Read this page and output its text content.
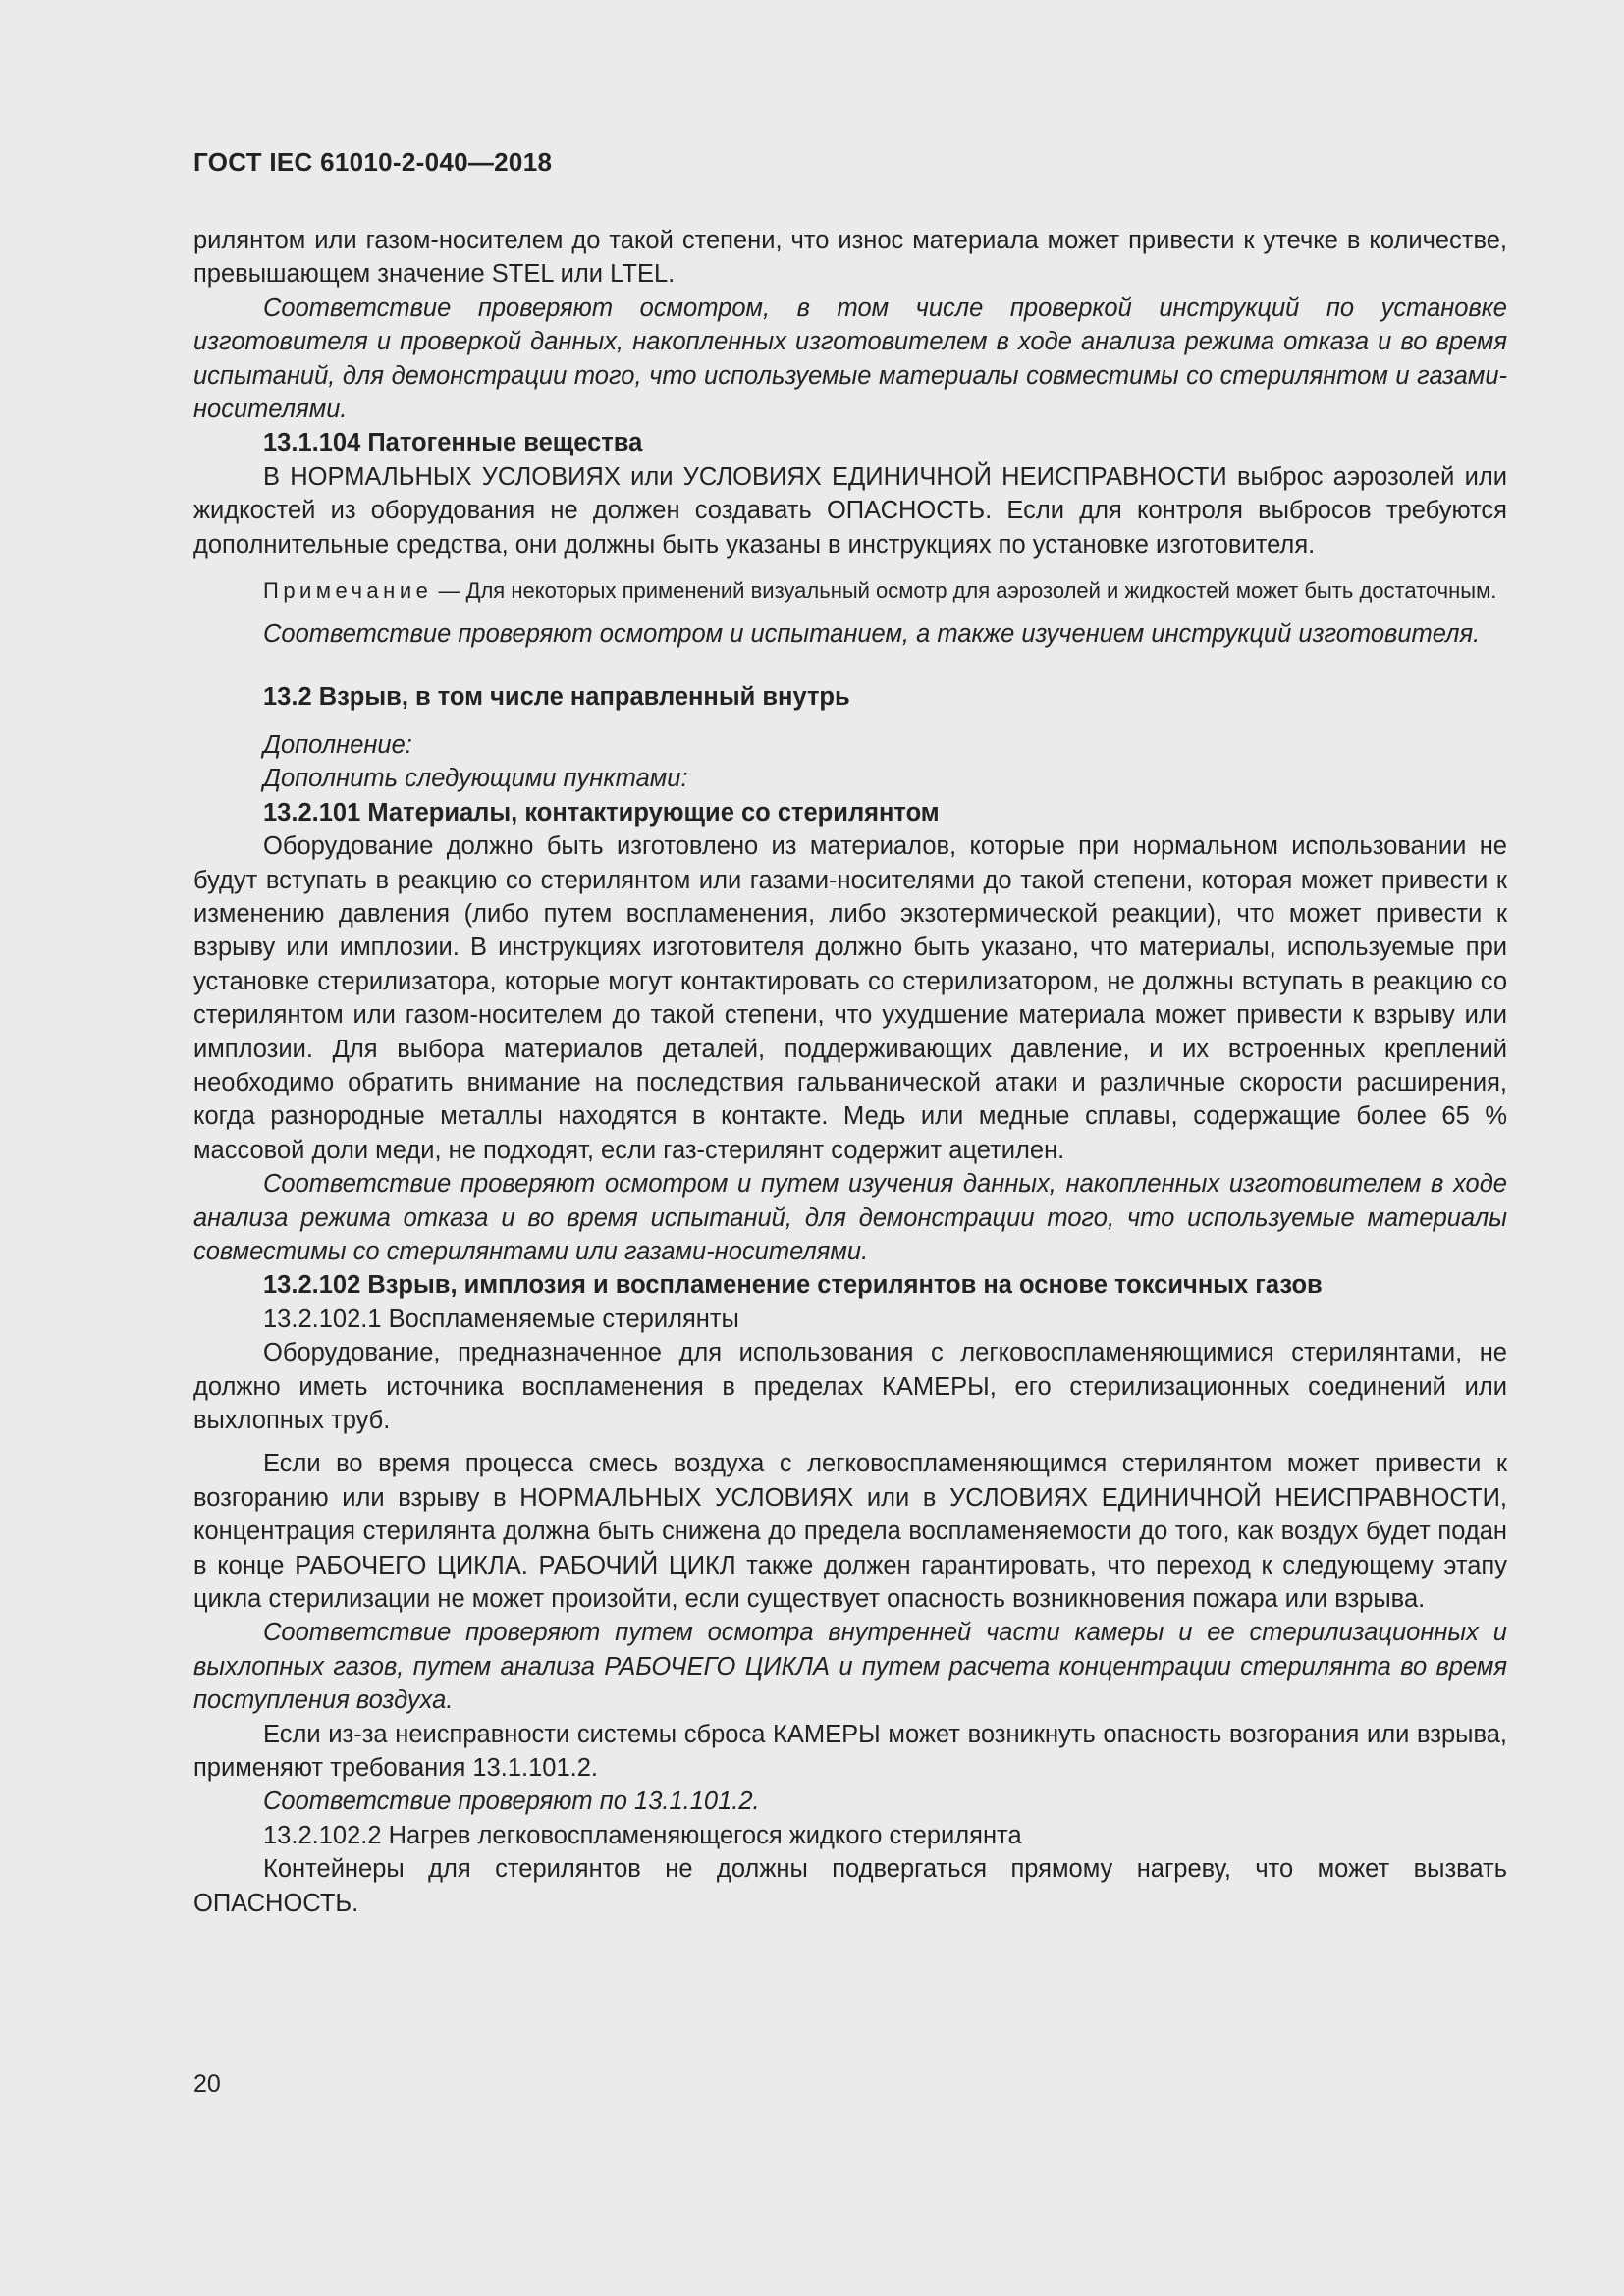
ГОСТ IEC 61010-2-040—2018

рилянтом или газом-носителем до такой степени, что износ материала может привести к утечке в количестве, превышающем значение STEL или LTEL.

Соответствие проверяют осмотром, в том числе проверкой инструкций по установке изготовителя и проверкой данных, накопленных изготовителем в ходе анализа режима отказа и во время испытаний, для демонстрации того, что используемые материалы совместимы со стерилянтом и газами-носителями.

13.1.104 Патогенные вещества

В НОРМАЛЬНЫХ УСЛОВИЯХ или УСЛОВИЯХ ЕДИНИЧНОЙ НЕИСПРАВНОСТИ выброс аэрозолей или жидкостей из оборудования не должен создавать ОПАСНОСТЬ. Если для контроля выбросов требуются дополнительные средства, они должны быть указаны в инструкциях по установке изготовителя.

Примечание — Для некоторых применений визуальный осмотр для аэрозолей и жидкостей может быть достаточным.

Соответствие проверяют осмотром и испытанием, а также изучением инструкций изготовителя.

13.2 Взрыв, в том числе направленный внутрь

Дополнение:

Дополнить следующими пунктами:

13.2.101 Материалы, контактирующие со стерилянтом

Оборудование должно быть изготовлено из материалов, которые при нормальном использовании не будут вступать в реакцию со стерилянтом или газами-носителями до такой степени, которая может привести к изменению давления (либо путем воспламенения, либо экзотермической реакции), что может привести к взрыву или имплозии. В инструкциях изготовителя должно быть указано, что материалы, используемые при установке стерилизатора, которые могут контактировать со стерилизатором, не должны вступать в реакцию со стерилянтом или газом-носителем до такой степени, что ухудшение материала может привести к взрыву или имплозии. Для выбора материалов деталей, поддерживающих давление, и их встроенных креплений необходимо обратить внимание на последствия гальванической атаки и различные скорости расширения, когда разнородные металлы находятся в контакте. Медь или медные сплавы, содержащие более 65 % массовой доли меди, не подходят, если газ-стерилянт содержит ацетилен.

Соответствие проверяют осмотром и путем изучения данных, накопленных изготовителем в ходе анализа режима отказа и во время испытаний, для демонстрации того, что используемые материалы совместимы со стерилянтами или газами-носителями.

13.2.102 Взрыв, имплозия и воспламенение стерилянтов на основе токсичных газов

13.2.102.1 Воспламеняемые стерилянты

Оборудование, предназначенное для использования с легковоспламеняющимися стерилянтами, не должно иметь источника воспламенения в пределах КАМЕРЫ, его стерилизационных соединений или выхлопных труб.

Если во время процесса смесь воздуха с легковоспламеняющимся стерилянтом может привести к возгоранию или взрыву в НОРМАЛЬНЫХ УСЛОВИЯХ или в УСЛОВИЯХ ЕДИНИЧНОЙ НЕИСПРАВНОСТИ, концентрация стерилянта должна быть снижена до предела воспламеняемости до того, как воздух будет подан в конце РАБОЧЕГО ЦИКЛА. РАБОЧИЙ ЦИКЛ также должен гарантировать, что переход к следующему этапу цикла стерилизации не может произойти, если существует опасность возникновения пожара или взрыва.

Соответствие проверяют путем осмотра внутренней части камеры и ее стерилизационных и выхлопных газов, путем анализа РАБОЧЕГО ЦИКЛА и путем расчета концентрации стерилянта во время поступления воздуха.

Если из-за неисправности системы сброса КАМЕРЫ может возникнуть опасность возгорания или взрыва, применяют требования 13.1.101.2.

Соответствие проверяют по 13.1.101.2.

13.2.102.2 Нагрев легковоспламеняющегося жидкого стерилянта

Контейнеры для стерилянтов не должны подвергаться прямому нагреву, что может вызвать ОПАСНОСТЬ.

20
